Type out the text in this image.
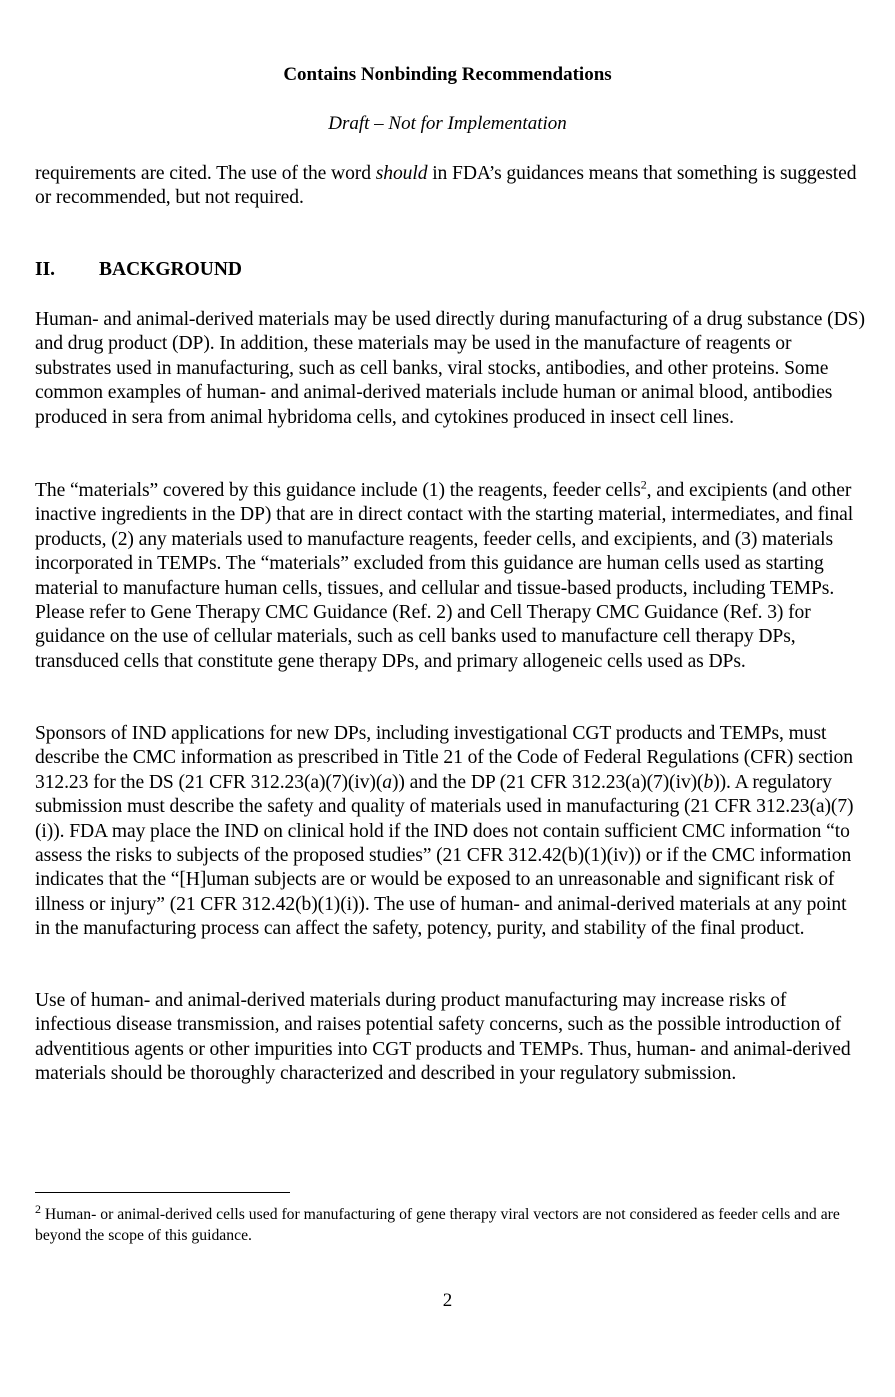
Contains Nonbinding Recommendations
Draft – Not for Implementation

requirements are cited. The use of the word should in FDA’s guidances means that something is suggested or recommended, but not required.

II. BACKGROUND

Human- and animal-derived materials may be used directly during manufacturing of a drug substance (DS) and drug product (DP). In addition, these materials may be used in the manufacture of reagents or substrates used in manufacturing, such as cell banks, viral stocks, antibodies, and other proteins. Some common examples of human- and animal-derived materials include human or animal blood, antibodies produced in sera from animal hybridoma cells, and cytokines produced in insect cell lines.

The “materials” covered by this guidance include (1) the reagents, feeder cells$^2$, and excipients (and other inactive ingredients in the DP) that are in direct contact with the starting material, intermediates, and final products, (2) any materials used to manufacture reagents, feeder cells, and excipients, and (3) materials incorporated in TEMPs. The “materials” excluded from this guidance are human cells used as starting material to manufacture human cells, tissues, and cellular and tissue-based products, including TEMPs. Please refer to Gene Therapy CMC Guidance (Ref. 2) and Cell Therapy CMC Guidance (Ref. 3) for guidance on the use of cellular materials, such as cell banks used to manufacture cell therapy DPs, transduced cells that constitute gene therapy DPs, and primary allogeneic cells used as DPs.

Sponsors of IND applications for new DPs, including investigational CGT products and TEMPs, must describe the CMC information as prescribed in Title 21 of the Code of Federal Regulations (CFR) section 312.23 for the DS (21 CFR 312.23(a)(7)(iv)(a)) and the DP (21 CFR 312.23(a)(7)(iv)(b)). A regulatory submission must describe the safety and quality of materials used in manufacturing (21 CFR 312.23(a)(7)(i)). FDA may place the IND on clinical hold if the IND does not contain sufficient CMC information “to assess the risks to subjects of the proposed studies” (21 CFR 312.42(b)(1)(iv)) or if the CMC information indicates that the “[H]uman subjects are or would be exposed to an unreasonable and significant risk of illness or injury” (21 CFR 312.42(b)(1)(i)). The use of human- and animal-derived materials at any point in the manufacturing process can affect the safety, potency, purity, and stability of the final product.

Use of human- and animal-derived materials during product manufacturing may increase risks of infectious disease transmission, and raises potential safety concerns, such as the possible introduction of adventitious agents or other impurities into CGT products and TEMPs. Thus, human- and animal-derived materials should be thoroughly characterized and described in your regulatory submission.

$^2$ Human- or animal-derived cells used for manufacturing of gene therapy viral vectors are not considered as feeder cells and are beyond the scope of this guidance.

2
